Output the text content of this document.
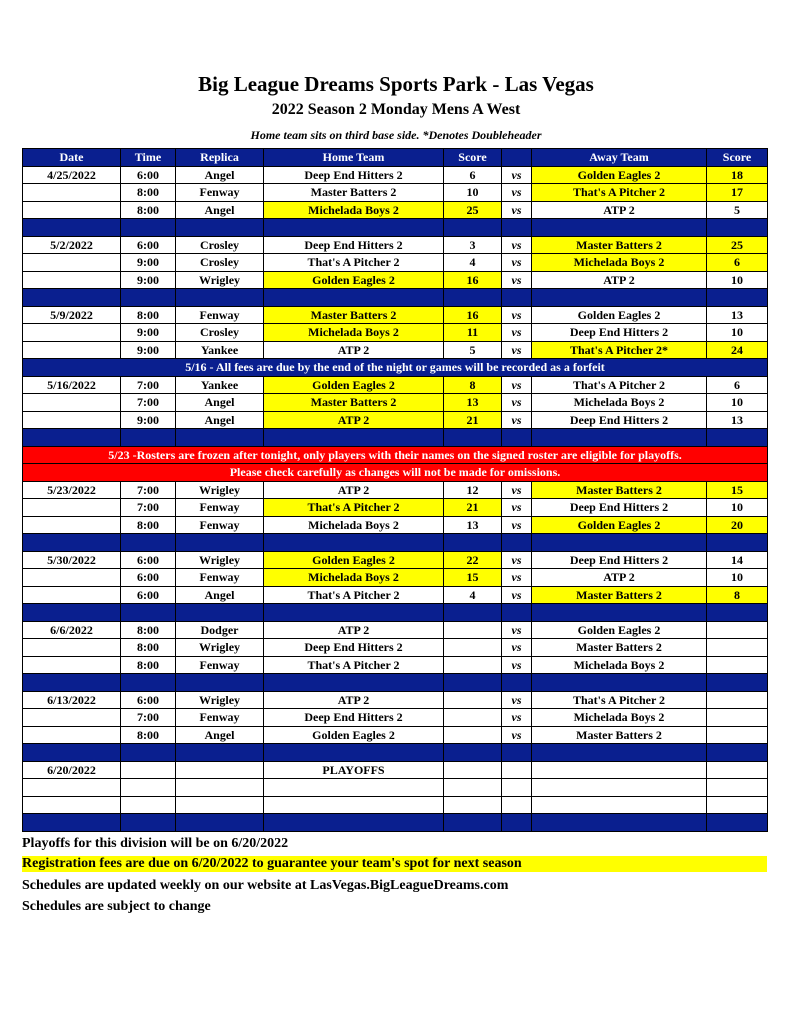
Big League Dreams Sports Park - Las Vegas
2022 Season 2 Monday Mens A West
Home team sits on third base side. *Denotes Doubleheader
Date	Time	Replica	Home Team	Score		Away Team	Score
4/25/2022	6:00	Angel	Deep End Hitters 2	6	vs	Golden Eagles 2	18
	8:00	Fenway	Master Batters 2	10	vs	That's A Pitcher 2	17
	8:00	Angel	Michelada Boys 2	25	vs	ATP 2	5

5/2/2022	6:00	Crosley	Deep End Hitters 2	3	vs	Master Batters 2	25
	9:00	Crosley	That's A Pitcher 2	4	vs	Michelada Boys 2	6
	9:00	Wrigley	Golden Eagles 2	16	vs	ATP 2	10

5/9/2022	8:00	Fenway	Master Batters 2	16	vs	Golden Eagles 2	13
	9:00	Crosley	Michelada Boys 2	11	vs	Deep End Hitters 2	10
	9:00	Yankee	ATP 2	5	vs	That's A Pitcher 2*	24
5/16 - All fees are due by the end of the night or games will be recorded as a forfeit							
5/16/2022	7:00	Yankee	Golden Eagles 2	8	vs	That's A Pitcher 2	6
	7:00	Angel	Master Batters 2	13	vs	Michelada Boys 2	10
	9:00	Angel	ATP 2	21	vs	Deep End Hitters 2	13

5/23 -Rosters are frozen after tonight, only players with their names on the signed roster are eligible for playoffs.							
Please check carefully as changes will not be made for omissions.							
5/23/2022	7:00	Wrigley	ATP 2	12	vs	Master Batters 2	15
	7:00	Fenway	That's A Pitcher 2	21	vs	Deep End Hitters 2	10
	8:00	Fenway	Michelada Boys 2	13	vs	Golden Eagles 2	20

5/30/2022	6:00	Wrigley	Golden Eagles 2	22	vs	Deep End Hitters 2	14
	6:00	Fenway	Michelada Boys 2	15	vs	ATP 2	10
	6:00	Angel	That's A Pitcher 2	4	vs	Master Batters 2	8

6/6/2022	8:00	Dodger	ATP 2		vs	Golden Eagles 2	
	8:00	Wrigley	Deep End Hitters 2		vs	Master Batters 2	
	8:00	Fenway	That's A Pitcher 2		vs	Michelada Boys 2	

6/13/2022	6:00	Wrigley	ATP 2		vs	That's A Pitcher 2	
	7:00	Fenway	Deep End Hitters 2		vs	Michelada Boys 2	
	8:00	Angel	Golden Eagles 2		vs	Master Batters 2	

6/20/2022			PLAYOFFS				

Playoffs for this division will be on 6/20/2022
Registration fees are due on 6/20/2022 to guarantee your team's spot for next season
Schedules are updated weekly on our website at LasVegas.BigLeagueDreams.com
Schedules are subject to change
